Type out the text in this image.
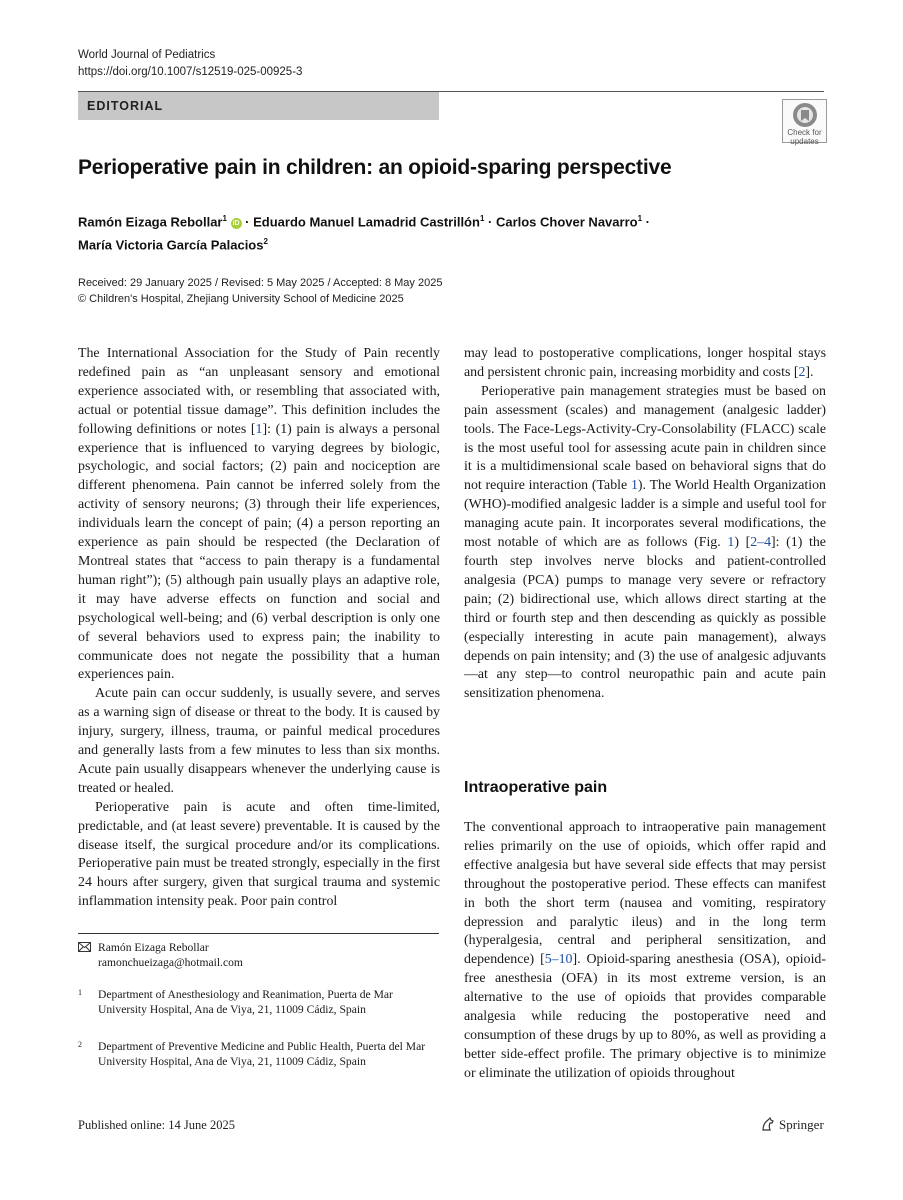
World Journal of Pediatrics
https://doi.org/10.1007/s12519-025-00925-3
EDITORIAL
Check for
updates
Perioperative pain in children: an opioid-sparing perspective
Ramón Eizaga Rebollar$^1$ iD · Eduardo Manuel Lamadrid Castrillón$^1$ · Carlos Chover Navarro$^1$ ·
María Victoria García Palacios$^2$
Received: 29 January 2025 / Revised: 5 May 2025 / Accepted: 8 May 2025
© Children's Hospital, Zhejiang University School of Medicine 2025

The International Association for the Study of Pain recently redefined pain as “an unpleasant sensory and emotional experience associated with, or resembling that associated with, actual or potential tissue damage”. This definition includes the following definitions or notes [1]: (1) pain is always a personal experience that is influenced to varying degrees by biologic, psychologic, and social factors; (2) pain and nociception are different phenomena. Pain cannot be inferred solely from the activity of sensory neurons; (3) through their life experiences, individuals learn the concept of pain; (4) a person reporting an experience as pain should be respected (the Declaration of Montreal states that “access to pain therapy is a fundamental human right”); (5) although pain usually plays an adaptive role, it may have adverse effects on function and social and psychological well-being; and (6) verbal description is only one of several behaviors used to express pain; the inability to communicate does not negate the possibility that a human experiences pain.

Acute pain can occur suddenly, is usually severe, and serves as a warning sign of disease or threat to the body. It is caused by injury, surgery, illness, trauma, or painful medical procedures and generally lasts from a few minutes to less than six months. Acute pain usually disappears whenever the underlying cause is treated or healed.

Perioperative pain is acute and often time-limited, predictable, and (at least severe) preventable. It is caused by the disease itself, the surgical procedure and/or its complications. Perioperative pain must be treated strongly, especially in the first 24 hours after surgery, given that surgical trauma and systemic inflammation intensity peak. Poor pain control

may lead to postoperative complications, longer hospital stays and persistent chronic pain, increasing morbidity and costs [2].

Perioperative pain management strategies must be based on pain assessment (scales) and management (analgesic ladder) tools. The Face-Legs-Activity-Cry-Consolability (FLACC) scale is the most useful tool for assessing acute pain in children since it is a multidimensional scale based on behavioral signs that do not require interaction (Table 1). The World Health Organization (WHO)-modified analgesic ladder is a simple and useful tool for managing acute pain. It incorporates several modifications, the most notable of which are as follows (Fig. 1) [2–4]: (1) the fourth step involves nerve blocks and patient-controlled analgesia (PCA) pumps to manage very severe or refractory pain; (2) bidirectional use, which allows direct starting at the third or fourth step and then descending as quickly as possible (especially interesting in acute pain management), always depends on pain intensity; and (3) the use of analgesic adjuvants—at any step—to control neuropathic pain and acute pain sensitization phenomena.

Intraoperative pain

The conventional approach to intraoperative pain management relies primarily on the use of opioids, which offer rapid and effective analgesia but have several side effects that may persist throughout the postoperative period. These effects can manifest in both the short term (nausea and vomiting, respiratory depression and paralytic ileus) and in the long term (hyperalgesia, central and peripheral sensitization, and dependence) [5–10]. Opioid-sparing anesthesia (OSA), opioid-free anesthesia (OFA) in its most extreme version, is an alternative to the use of opioids that provides comparable analgesia while reducing the postoperative need and consumption of these drugs by up to 80%, as well as providing a better side-effect profile. The primary objective is to minimize or eliminate the utilization of opioids throughout

Ramón Eizaga Rebollar
ramonchueizaga@hotmail.com
1 Department of Anesthesiology and Reanimation, Puerta de Mar University Hospital, Ana de Viya, 21, 11009 Cádiz, Spain
2 Department of Preventive Medicine and Public Health, Puerta del Mar University Hospital, Ana de Viya, 21, 11009 Cádiz, Spain
Published online: 14 June 2025	Springer
